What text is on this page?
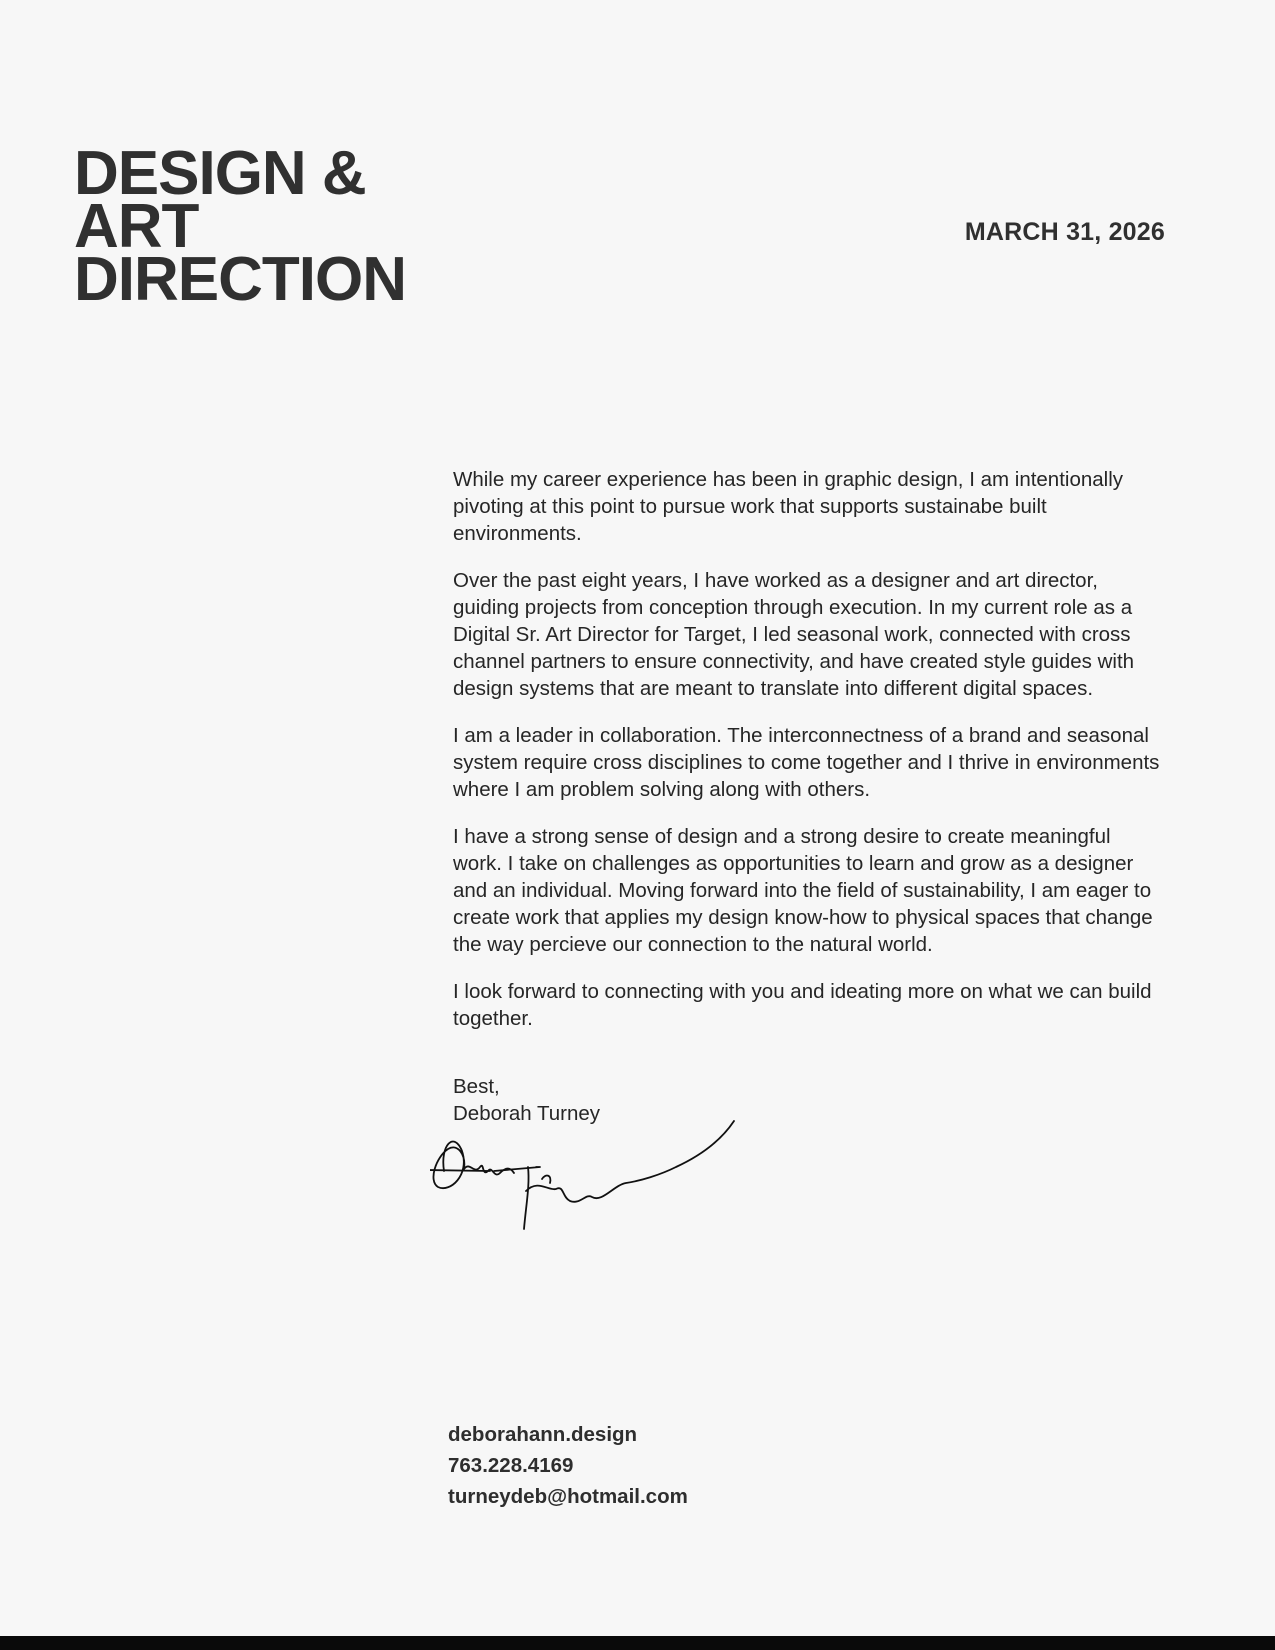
DESIGN &
ART
DIRECTION
MARCH 31, 2026

While my career experience has been in graphic design, I am intentionally pivoting at this point to pursue work that supports sustainabe built environments.

Over the past eight years, I have worked as a designer and art director, guiding projects from conception through execution. In my current role as a Digital Sr. Art Director for Target, I led seasonal work, connected with cross channel partners to ensure connectivity, and have created style guides with design systems that are meant to translate into different digital spaces.

I am a leader in collaboration. The interconnectness of a brand and seasonal system require cross disciplines to come together and I thrive in environments where I am problem solving along with others.

I have a strong sense of design and a strong desire to create meaningful work. I take on challenges as opportunities to learn and grow as a designer and an individual. Moving forward into the field of sustainability, I am eager to create work that applies my design know-how to physical spaces that change the way percieve our connection to the natural world.

I look forward to connecting with you and ideating more on what we can build together.

Best,
Deborah Turney
deborahann.design
763.228.4169
turneydeb@hotmail.com
